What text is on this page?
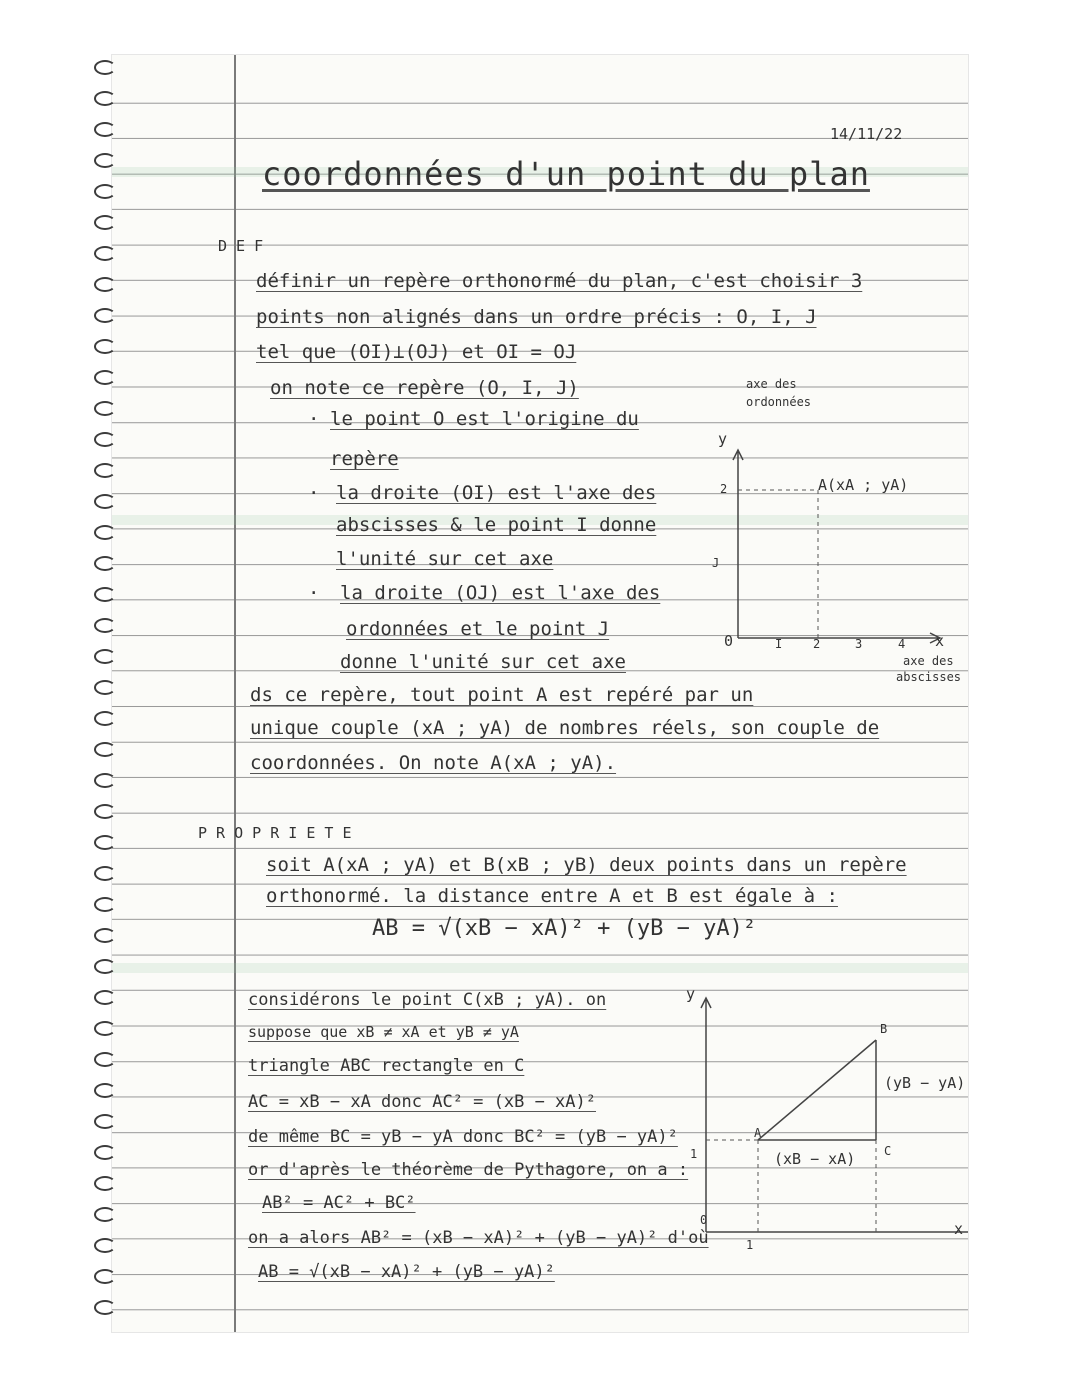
14/11/22
coordonnées d'un point du plan
D E F
définir un repère orthonormé du plan, c'est choisir 3
points non alignés dans un ordre précis : O, I, J
tel que (OI)⊥(OJ) et OI = OJ
on note ce repère (O, I, J)
· le point O est l'origine du
repère
· la droite (OI) est l'axe des
abscisses & le point I donne
l'unité sur cet axe
· la droite (OJ) est l'axe des
ordonnées et le point J
donne l'unité sur cet axe
ds ce repère, tout point A est repéré par un
unique couple (xA ; yA) de nombres réels, son couple de
coordonnées. On note A(xA ; yA).
axe des
ordonnées
y
2
J
0	I	2	3	4 x
axe des
abscisses
A(xA ; yA)
P R O P R I E T E
soit A(xA ; yA) et B(xB ; yB) deux points dans un repère
orthonormé. la distance entre A et B est égale à :
AB = √(xB − xA)² + (yB − yA)²
considérons le point C(xB ; yA). on
suppose que xB ≠ xA et yB ≠ yA
triangle ABC rectangle en C
AC = xB − xA donc AC² = (xB − xA)²
de même BC = yB − yA donc BC² = (yB − yA)²
or d'après le théorème de Pythagore, on a :
AB² = AC² + BC²
on a alors AB² = (xB − xA)² + (yB − yA)² d'où
AB = √(xB − xA)² + (yB − yA)²
y
B
A
C
(yB − yA)
(xB − xA)
1
0
1
x
